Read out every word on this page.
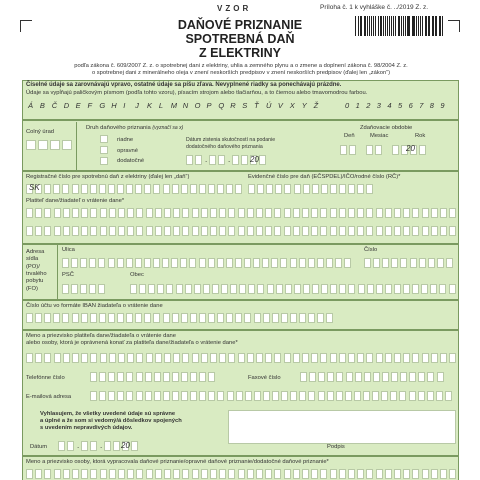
VZOR	Príloha č. 1 k vyhláške č. ../2019 Z. z.
DAŇOVÉ PRIZNANIE
SPOTREBNÁ DAŇ
Z ELEKTRINY
podľa zákona č. 609/2007 Z. z. o spotrebnej dani z elektriny, uhlia a zemného plynu a o zmene a doplnení zákona č. 98/2004 Z. z.
o spotrebnej dani z minerálneho oleja v znení neskorších predpisov v znení neskorších predpisov (ďalej len „zákon“)
Číselné údaje sa zarovnávajú vpravo, ostatné údaje sa píšu zľava. Nevyplnené riadky sa ponechávajú prázdne.
Údaje sa vypĺňajú paličkovým písmom (podľa tohto vzoru), písacím strojom alebo tlačiarňou, a to čiernou alebo tmavomodrou farbou.
Á B Č D E F G H I J K L M N O P Q R S Ť Ú V X Y Ž	0 1 2 3 4 5 6 7 8 9
Colný úrad
Druh daňového priznania (vyznačí sa x)
riadne
opravné
dodatočné
Dátum zistenia skutočností na podanie
dodatočného daňového priznania
.	. 20
Zdaňovacie obdobie
Deň	Mesiac	Rok
20
Registračné číslo pre spotrebnú daň z elektriny (ďalej len „daň“)	Evidenčné číslo pre daň (EČSPDEL)/IČO/rodné číslo (RČ)*
SK
Platiteľ dane/žiadateľ o vrátenie dane*
Adresa
sídla
(PO)/
trvalého
pobytu
(FO)
Ulica	Číslo
PSČ	Obec
Číslo účtu vo formáte IBAN žiadateľa o vrátenie dane
Meno a priezvisko platiteľa dane/žiadateľa o vrátenie dane
alebo osoby, ktorá je oprávnená konať za platiteľa dane/žiadateľa o vrátenie dane*
Telefónne číslo	Faxové číslo
E-mailová adresa
Vyhlasujem, že všetky uvedené údaje sú správne
a úplné a že som si vedomý/á dôsledkov spojených
s uvedením nepravdivých údajov.
Dátum	Podpis
.	. 20
Meno a priezvisko osoby, ktorá vypracovala daňové priznanie/opravné daňové priznanie/dodatočné daňové priznanie*
